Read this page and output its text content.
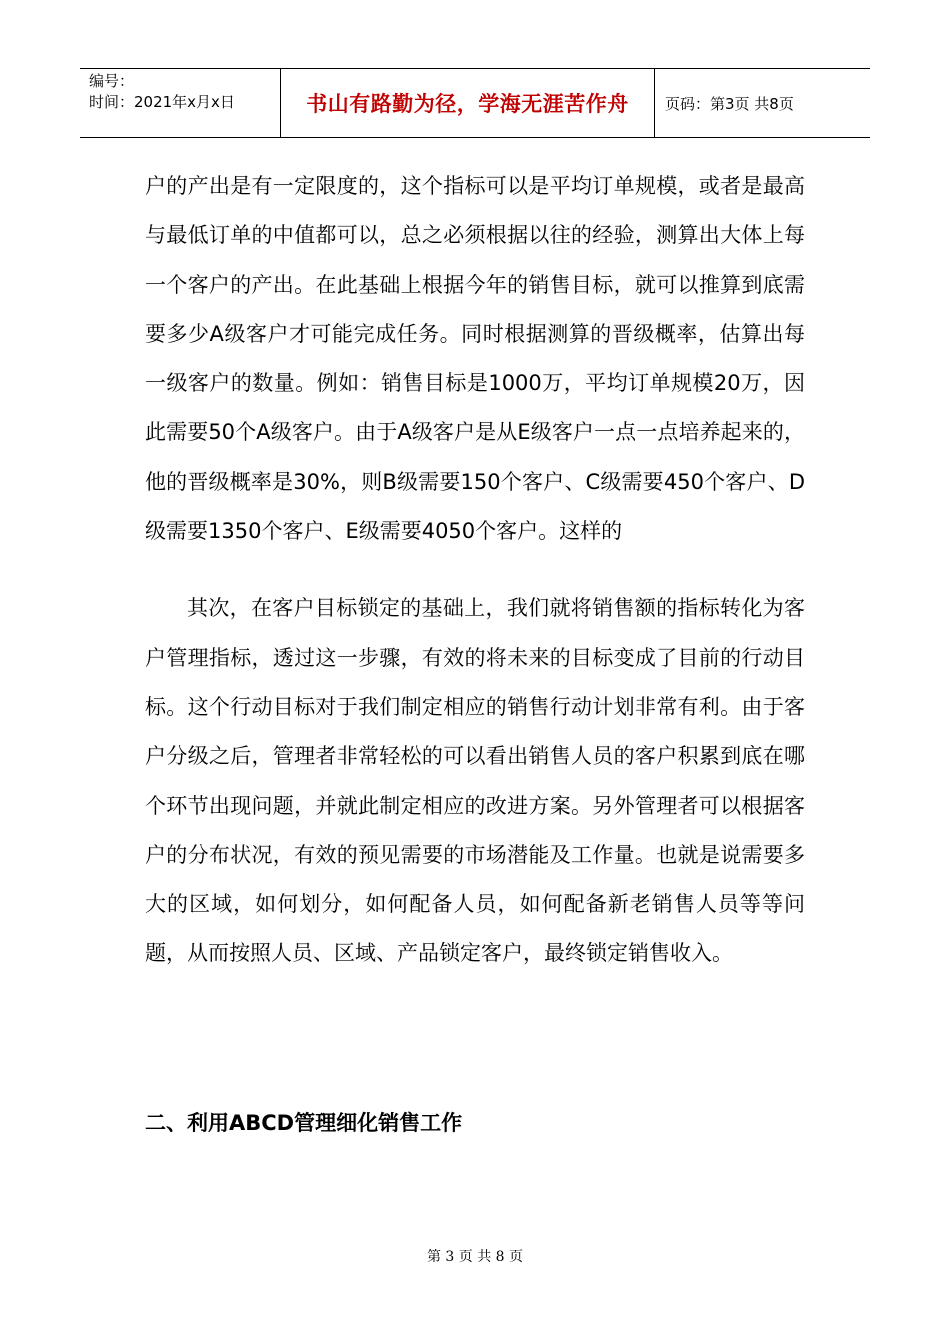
编号：
时间：2021年x月x日	书山有路勤为径，学海无涯苦作舟	页码：第3页 共8页

户的产出是有一定限度的，这个指标可以是平均订单规模，或者是最高与最低订单的中值都可以，总之必须根据以往的经验，测算出大体上每一个客户的产出。在此基础上根据今年的销售目标，就可以推算到底需要多少A级客户才可能完成任务。同时根据测算的晋级概率，估算出每一级客户的数量。例如：销售目标是1000万，平均订单规模20万，因此需要50个A级客户。由于A级客户是从E级客户一点一点培养起来的，他的晋级概率是30%，则B级需要150个客户、C级需要450个客户、D级需要1350个客户、E级需要4050个客户。这样的

其次，在客户目标锁定的基础上，我们就将销售额的指标转化为客户管理指标，透过这一步骤，有效的将未来的目标变成了目前的行动目标。这个行动目标对于我们制定相应的销售行动计划非常有利。由于客户分级之后，管理者非常轻松的可以看出销售人员的客户积累到底在哪个环节出现问题，并就此制定相应的改进方案。另外管理者可以根据客户的分布状况，有效的预见需要的市场潜能及工作量。也就是说需要多大的区域，如何划分，如何配备人员，如何配备新老销售人员等等问题，从而按照人员、区域、产品锁定客户，最终锁定销售收入。

二、利用ABCD管理细化销售工作
第 3 页 共 8 页
